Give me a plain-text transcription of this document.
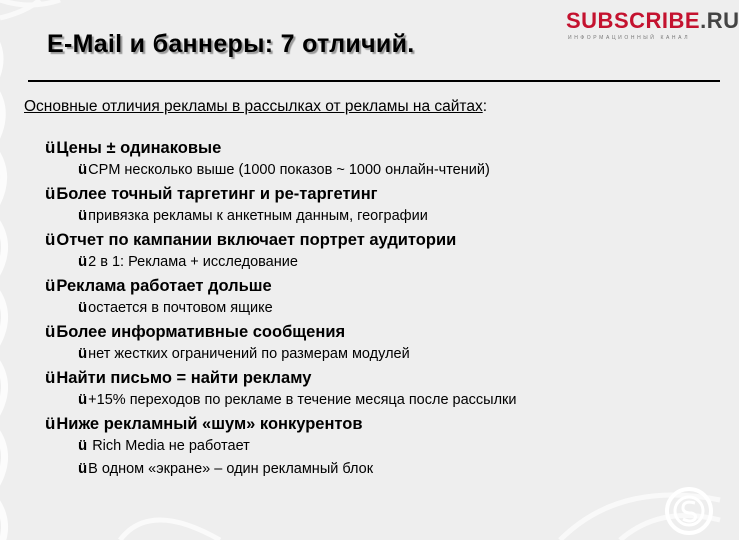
SUBSCRIBE.RU
ИНФОРМАЦИОННЫЙ КАНАЛ
E-Mail и баннеры: 7 отличий.
Основные отличия рекламы в рассылках от рекламы на сайтах:
ü Цены ± одинаковые
ü CPM несколько выше (1000 показов ~ 1000 онлайн-чтений)
ü Более точный таргетинг и ре-таргетинг
ü привязка рекламы к анкетным данным, географии
ü Отчет по кампании включает портрет аудитории
ü 2 в 1: Реклама + исследование
ü Реклама работает дольше
ü остается в почтовом ящике
ü Более информативные сообщения
ü нет жестких ограничений по размерам модулей
ü Найти письмо = найти рекламу
ü +15% переходов по рекламе в течение месяца после рассылки
ü Ниже рекламный «шум» конкурентов
ü Rich Media не работает
ü В одном «экране» – один рекламный блок
